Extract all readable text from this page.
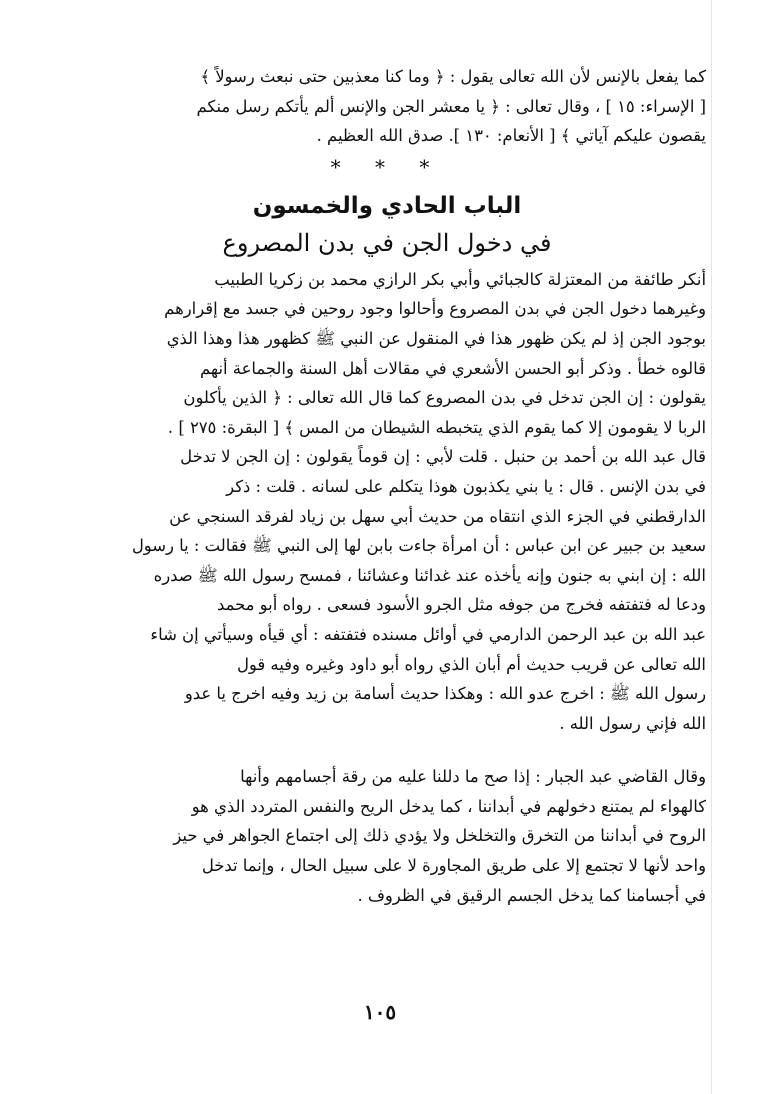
كما يفعل بالإنس لأن الله تعالى يقول : ﴿ وما كنا معذبين حتى نبعث رسولاً ﴾
[ الإسراء: ١٥ ] ، وقال تعالى : ﴿ يا معشر الجن والإنس ألم يأتكم رسل منكم
يقصون عليكم آياتي ﴾ [ الأنعام: ١٣٠ ]. صدق الله العظيم .
* * *
الباب الحادي والخمسون
في دخول الجن في بدن المصروع
أنكر طائفة من المعتزلة كالجبائي وأبي بكر الرازي محمد بن زكريا الطبيب
وغيرهما دخول الجن في بدن المصروع وأحالوا وجود روحين في جسد مع إقرارهم
بوجود الجن إذ لم يكن ظهور هذا في المنقول عن النبي ﷺ كظهور هذا وهذا الذي
قالوه خطأ . وذكر أبو الحسن الأشعري في مقالات أهل السنة والجماعة أنهم
يقولون : إن الجن تدخل في بدن المصروع كما قال الله تعالى : ﴿ الذين يأكلون
الربا لا يقومون إلا كما يقوم الذي يتخبطه الشيطان من المس ﴾ [ البقرة: ٢٧٥ ] .
قال عبد الله بن أحمد بن حنبل . قلت لأبي : إن قوماً يقولون : إن الجن لا تدخل
في بدن الإنس . قال : يا بني يكذبون هوذا يتكلم على لسانه . قلت : ذكر
الدارقطني في الجزء الذي انتقاه من حديث أبي سهل بن زياد لفرقد السنجي عن
سعيد بن جبير عن ابن عباس : أن امرأة جاءت بابن لها إلى النبي ﷺ فقالت : يا رسول
الله : إن ابني به جنون وإنه يأخذه عند غدائنا وعشائنا ، فمسح رسول الله ﷺ صدره
ودعا له فتفتفه فخرج من جوفه مثل الجرو الأسود فسعى . رواه أبو محمد
عبد الله بن عبد الرحمن الدارمي في أوائل مسنده فتفتفه : أي قيأه وسيأتي إن شاء
الله تعالى عن قريب حديث أم أبان الذي رواه أبو داود وغيره وفيه قول
رسول الله ﷺ : اخرج عدو الله : وهكذا حديث أسامة بن زيد وفيه اخرج يا عدو
الله فإني رسول الله .
وقال القاضي عبد الجبار : إذا صح ما دللنا عليه من رقة أجسامهم وأنها
كالهواء لم يمتنع دخولهم في أبداننا ، كما يدخل الريح والنفس المتردد الذي هو
الروح في أبداننا من التخرق والتخلخل ولا يؤدي ذلك إلى اجتماع الجواهر في حيز
واحد لأنها لا تجتمع إلا على طريق المجاورة لا على سبيل الحال ، وإنما تدخل
في أجسامنا كما يدخل الجسم الرقيق في الظروف .
١٠٥
